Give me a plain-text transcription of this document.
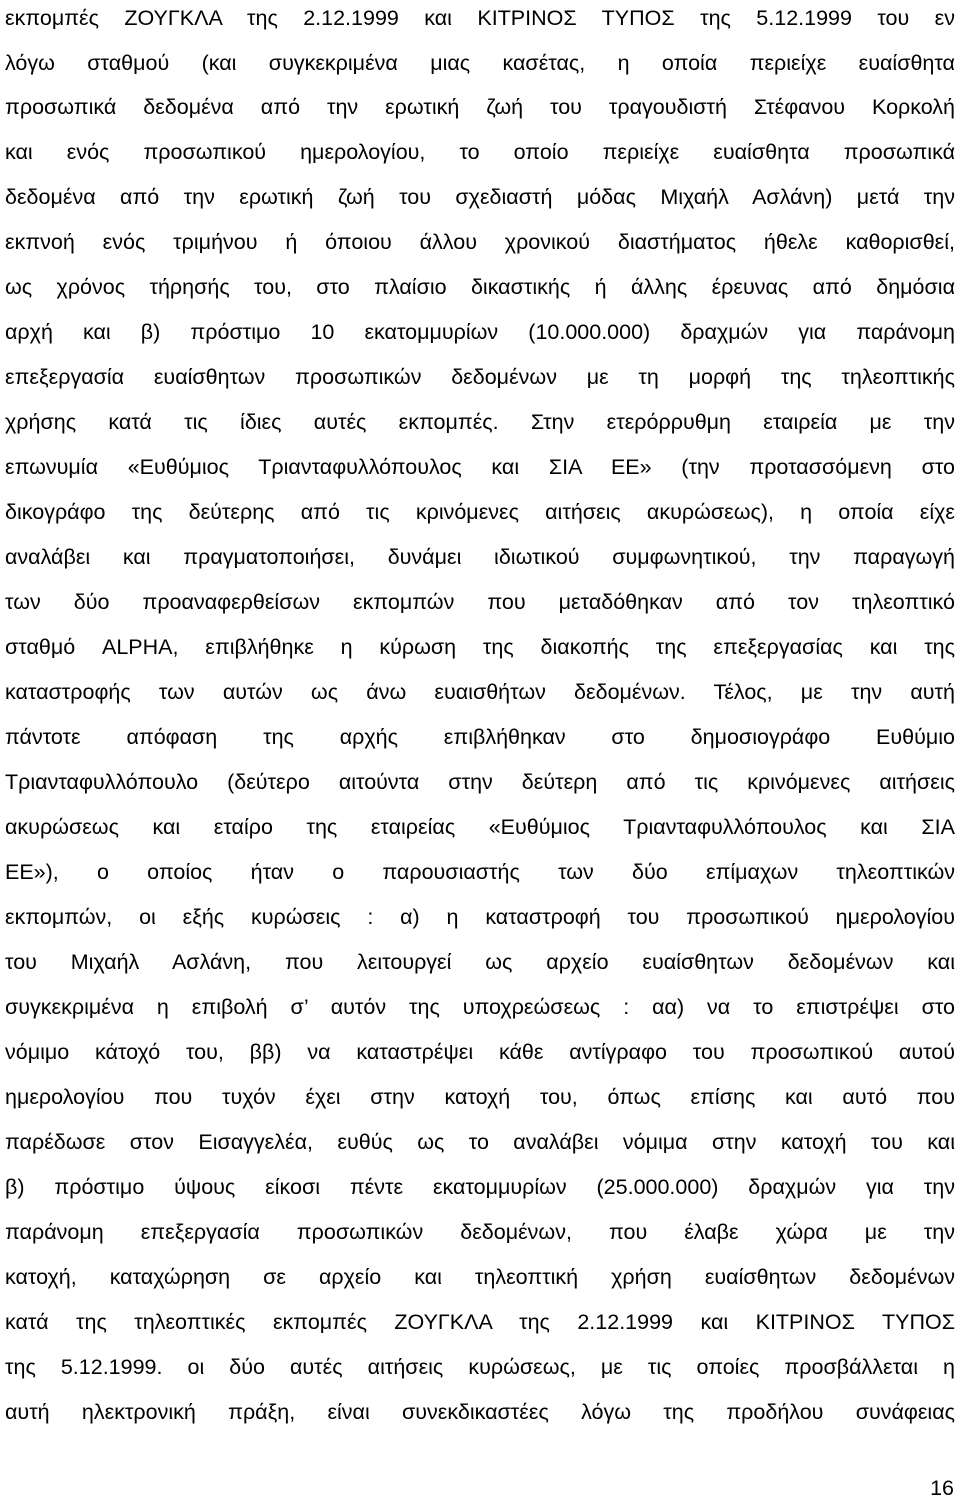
εκπομπές ΖΟΥΓΚΛΑ της 2.12.1999 και ΚΙΤΡΙΝΟΣ ΤΥΠΟΣ της 5.12.1999 του εν
λόγω σταθμού (και συγκεκριμένα μιας κασέτας, η οποία περιείχε ευαίσθητα
προσωπικά δεδομένα από την ερωτική ζωή του τραγουδιστή Στέφανου Κορκολή
και ενός προσωπικού ημερολογίου, το οποίο περιείχε ευαίσθητα προσωπικά
δεδομένα από την ερωτική ζωή του σχεδιαστή μόδας Μιχαήλ Ασλάνη) μετά την
εκπνοή ενός τριμήνου ή όποιου άλλου χρονικού διαστήματος ήθελε καθορισθεί,
ως χρόνος τήρησής του, στο πλαίσιο δικαστικής ή άλλης έρευνας από δημόσια
αρχή και β) πρόστιμο 10 εκατομμυρίων (10.000.000) δραχμών για παράνομη
επεξεργασία ευαίσθητων προσωπικών δεδομένων με τη μορφή της τηλεοπτικής
χρήσης κατά τις ίδιες αυτές εκπομπές. Στην ετερόρρυθμη εταιρεία με την
επωνυμία «Ευθύμιος Τριανταφυλλόπουλος και ΣΙΑ ΕΕ» (την προτασσόμενη στο
δικογράφο της δεύτερης από τις κρινόμενες αιτήσεις ακυρώσεως), η οποία είχε
αναλάβει και πραγματοποιήσει, δυνάμει ιδιωτικού συμφωνητικού, την παραγωγή
των δύο προαναφερθείσων εκπομπών που μεταδόθηκαν από τον τηλεοπτικό
σταθμό ALPHA, επιβλήθηκε η κύρωση της διακοπής της επεξεργασίας και της
καταστροφής των αυτών ως άνω ευαισθήτων δεδομένων. Τέλος, με την αυτή
πάντοτε απόφαση της αρχής επιβλήθηκαν στο δημοσιογράφο Ευθύμιο
Τριανταφυλλόπουλο (δεύτερο αιτούντα στην δεύτερη από τις κρινόμενες αιτήσεις
ακυρώσεως και εταίρο της εταιρείας «Ευθύμιος Τριανταφυλλόπουλος και ΣΙΑ
ΕΕ»), ο οποίος ήταν ο παρουσιαστής των δύο επίμαχων τηλεοπτικών
εκπομπών, οι εξής κυρώσεις : α) η καταστροφή του προσωπικού ημερολογίου
του Μιχαήλ Ασλάνη, που λειτουργεί ως αρχείο ευαίσθητων δεδομένων και
συγκεκριμένα η επιβολή σ’ αυτόν της υποχρεώσεως : αα) να το επιστρέψει στο
νόμιμο κάτοχό του, ββ) να καταστρέψει κάθε αντίγραφο του προσωπικού αυτού
ημερολογίου που τυχόν έχει στην κατοχή του, όπως επίσης και αυτό που
παρέδωσε στον Εισαγγελέα, ευθύς ως το αναλάβει νόμιμα στην κατοχή του και
β) πρόστιμο ύψους είκοσι πέντε εκατομμυρίων (25.000.000) δραχμών για την
παράνομη επεξεργασία προσωπικών δεδομένων, που έλαβε χώρα με την
κατοχή, καταχώρηση σε αρχείο και τηλεοπτική χρήση ευαίσθητων δεδομένων
κατά της τηλεοπτικές εκπομπές ΖΟΥΓΚΛΑ της 2.12.1999 και ΚΙΤΡΙΝΟΣ ΤΥΠΟΣ
της 5.12.1999. οι δύο αυτές αιτήσεις κυρώσεως, με τις οποίες προσβάλλεται η
αυτή ηλεκτρονική πράξη, είναι συνεκδικαστέες λόγω της προδήλου συνάφειας
16
